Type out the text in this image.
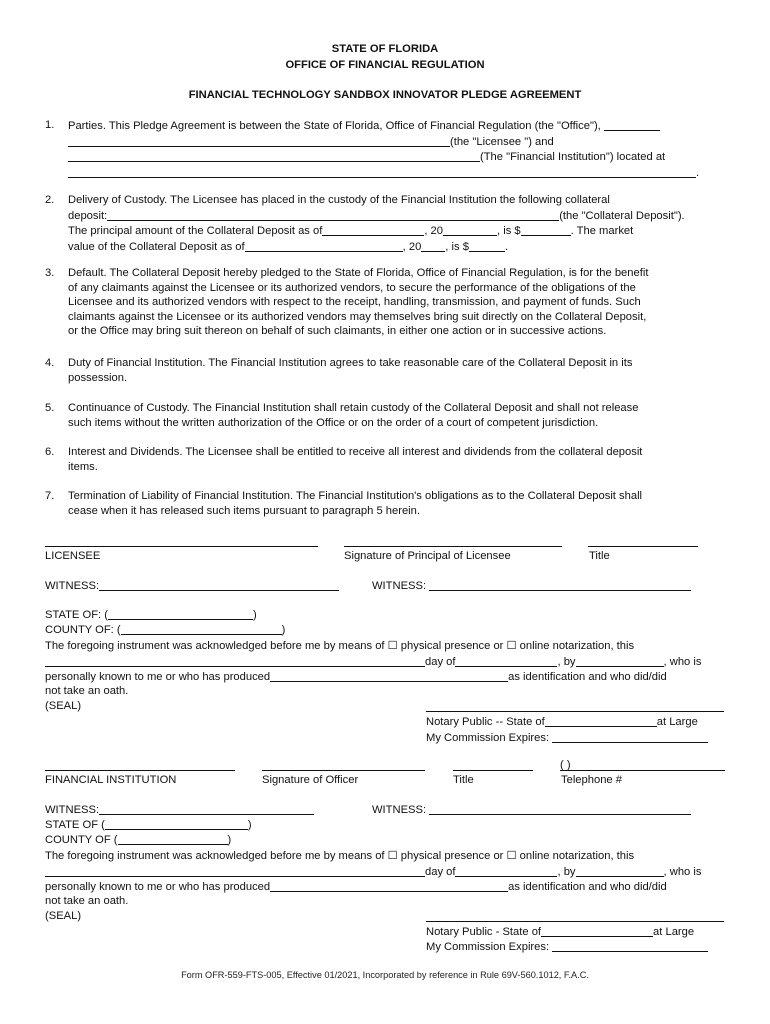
STATE OF FLORIDA
OFFICE OF FINANCIAL REGULATION
FINANCIAL TECHNOLOGY SANDBOX INNOVATOR PLEDGE AGREEMENT
1. Parties. This Pledge Agreement is between the State of Florida, Office of Financial Regulation (the "Office"),

(the "Licensee ") and

(The "Financial Institution") located at

.

2. Delivery of Custody. The Licensee has placed in the custody of the Financial Institution the following collateral

deposit:	(the "Collateral Deposit").

The principal amount of the Collateral Deposit as of	, 20	, is $	. The market

value of the Collateral Deposit as of	, 20 , is $	.

3. Default. The Collateral Deposit hereby pledged to the State of Florida, Office of Financial Regulation, is for the benefit

of any claimants against the Licensee or its authorized vendors, to secure the performance of the obligations of the

Licensee and its authorized vendors with respect to the receipt, handling, transmission, and payment of funds. Such

claimants against the Licensee or its authorized vendors may themselves bring suit directly on the Collateral Deposit,

or the Office may bring suit thereon on behalf of such claimants, in either one action or in successive actions.

4. Duty of Financial Institution. The Financial Institution agrees to take reasonable care of the Collateral Deposit in its

possession.

5. Continuance of Custody. The Financial Institution shall retain custody of the Collateral Deposit and shall not release

such items without the written authorization of the Office or on the order of a court of competent jurisdiction.

6. Interest and Dividends. The Licensee shall be entitled to receive all interest and dividends from the collateral deposit

items.

7. Termination of Liability of Financial Institution. The Financial Institution's obligations as to the Collateral Deposit shall

cease when it has released such items pursuant to paragraph 5 herein.

LICENSEE	Signature of Principal of Licensee	Title
WITNESS:	WITNESS:
STATE OF: (	)
COUNTY OF: (	)
The foregoing instrument was acknowledged before me by means of ☐ physical presence or ☐ online notarization, this
day of	, by	, who is
personally known to me or who has produced	as identification and who did/did
not take an oath.
(SEAL)
Notary Public -- State of	at Large
My Commission Expires:
( )
FINANCIAL INSTITUTION	Signature of Officer	Title	Telephone #
WITNESS:	WITNESS:
STATE OF (	)
COUNTY OF (	)
The foregoing instrument was acknowledged before me by means of ☐ physical presence or ☐ online notarization, this
day of	, by	, who is
personally known to me or who has produced	as identification and who did/did
not take an oath.
(SEAL)
Notary Public - State of	at Large
My Commission Expires:
Form OFR-559-FTS-005, Effective 01/2021, Incorporated by reference in Rule 69V-560.1012, F.A.C.
